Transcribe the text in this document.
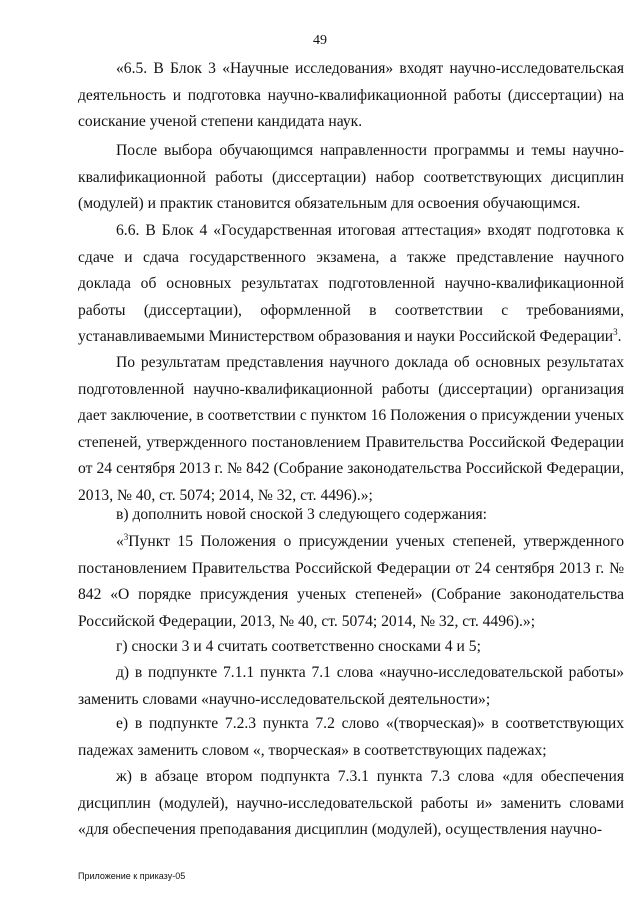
49

«6.5. В Блок 3 «Научные исследования» входят научно-исследовательская деятельность и подготовка научно-квалификационной работы (диссертации) на соискание ученой степени кандидата наук.

После выбора обучающимся направленности программы и темы научно-квалификационной работы (диссертации) набор соответствующих дисциплин (модулей) и практик становится обязательным для освоения обучающимся.

6.6. В Блок 4 «Государственная итоговая аттестация» входят подготовка к сдаче и сдача государственного экзамена, а также представление научного доклада об основных результатах подготовленной научно-квалификационной работы (диссертации), оформленной в соответствии с требованиями, устанавливаемыми Министерством образования и науки Российской Федерации$^3$.

По результатам представления научного доклада об основных результатах подготовленной научно-квалификационной работы (диссертации) организация дает заключение, в соответствии с пунктом 16 Положения о присуждении ученых степеней, утвержденного постановлением Правительства Российской Федерации от 24 сентября 2013 г. № 842 (Собрание законодательства Российской Федерации, 2013, № 40, ст. 5074; 2014, № 32, ст. 4496).»;

в) дополнить новой сноской 3 следующего содержания:

«$^3$Пункт 15 Положения о присуждении ученых степеней, утвержденного постановлением Правительства Российской Федерации от 24 сентября 2013 г. № 842 «О порядке присуждения ученых степеней» (Собрание законодательства Российской Федерации, 2013, № 40, ст. 5074; 2014, № 32, ст. 4496).»;

г) сноски 3 и 4 считать соответственно сносками 4 и 5;

д) в подпункте 7.1.1 пункта 7.1 слова «научно-исследовательской работы» заменить словами «научно-исследовательской деятельности»;

е) в подпункте 7.2.3 пункта 7.2 слово «(творческая)» в соответствующих падежах заменить словом «, творческая» в соответствующих падежах;

ж) в абзаце втором подпункта 7.3.1 пункта 7.3 слова «для обеспечения дисциплин (модулей), научно-исследовательской работы и» заменить словами «для обеспечения преподавания дисциплин (модулей), осуществления научно-

Приложение к приказу-05
